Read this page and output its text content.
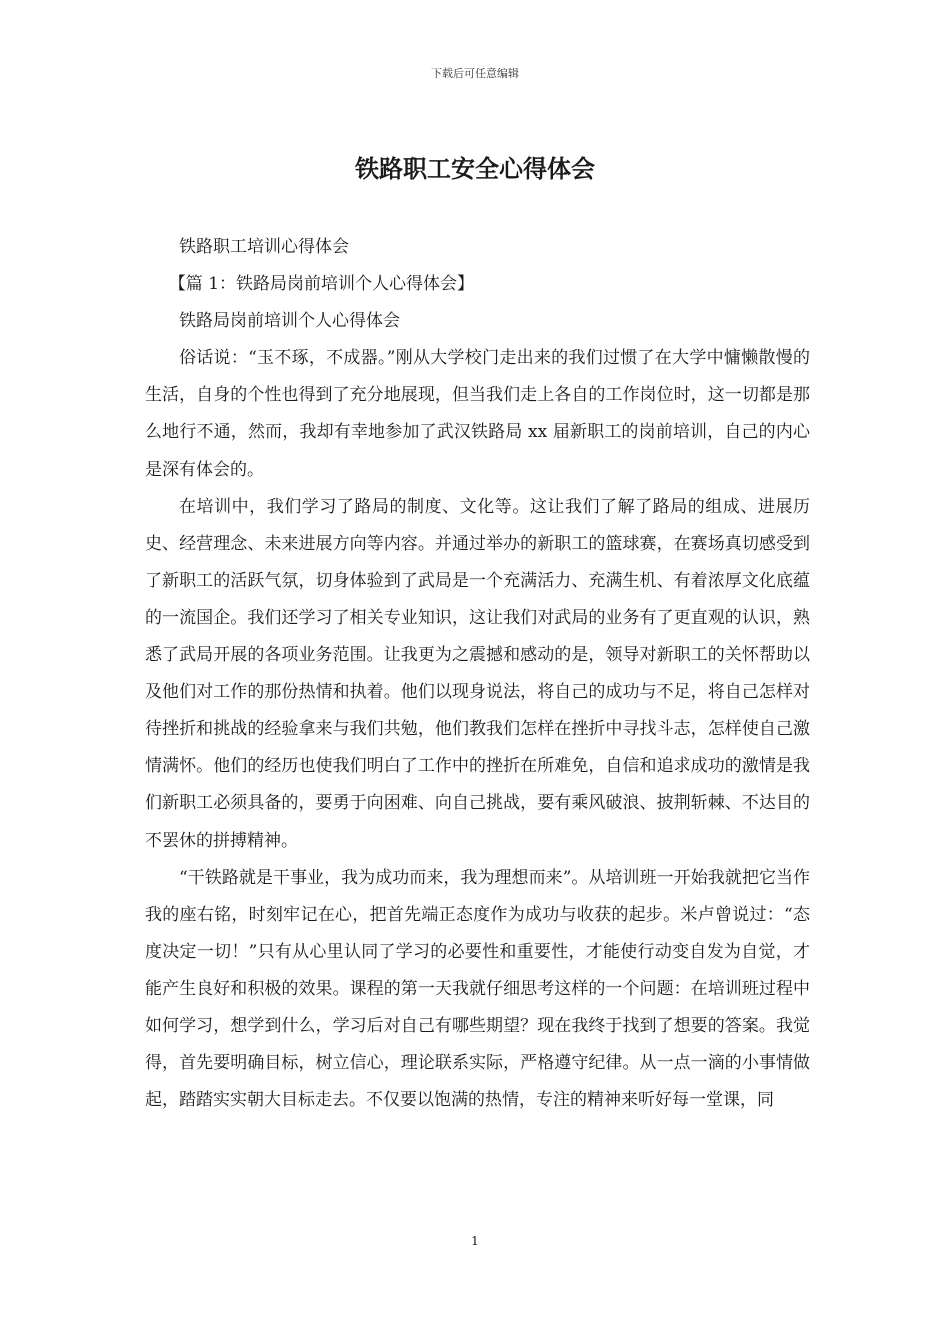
下载后可任意编辑
铁路职工安全心得体会

铁路职工培训心得体会

【篇 1：铁路局岗前培训个人心得体会】

铁路局岗前培训个人心得体会

俗话说：“玉不琢，不成器。”刚从大学校门走出来的我们过惯了在大学中慵懒散慢的生活，自身的个性也得到了充分地展现，但当我们走上各自的工作岗位时，这一切都是那么地行不通，然而，我却有幸地参加了武汉铁路局 xx 届新职工的岗前培训，自己的内心是深有体会的。

在培训中，我们学习了路局的制度、文化等。这让我们了解了路局的组成、进展历史、经营理念、未来进展方向等内容。并通过举办的新职工的篮球赛，在赛场真切感受到了新职工的活跃气氛，切身体验到了武局是一个充满活力、充满生机、有着浓厚文化底蕴的一流国企。我们还学习了相关专业知识，这让我们对武局的业务有了更直观的认识，熟悉了武局开展的各项业务范围。让我更为之震撼和感动的是，领导对新职工的关怀帮助以及他们对工作的那份热情和执着。他们以现身说法，将自己的成功与不足，将自己怎样对待挫折和挑战的经验拿来与我们共勉，他们教我们怎样在挫折中寻找斗志，怎样使自己激情满怀。他们的经历也使我们明白了工作中的挫折在所难免，自信和追求成功的激情是我们新职工必须具备的，要勇于向困难、向自己挑战，要有乘风破浪、披荆斩棘、不达目的不罢休的拼搏精神。

“干铁路就是干事业，我为成功而来，我为理想而来”。从培训班一开始我就把它当作我的座右铭，时刻牢记在心，把首先端正态度作为成功与收获的起步。米卢曾说过：“态度决定一切！”只有从心里认同了学习的必要性和重要性，才能使行动变自发为自觉，才能产生良好和积极的效果。课程的第一天我就仔细思考这样的一个问题：在培训班过程中如何学习，想学到什么，学习后对自己有哪些期望？现在我终于找到了想要的答案。我觉得，首先要明确目标，树立信心，理论联系实际，严格遵守纪律。从一点一滴的小事情做起，踏踏实实朝大目标走去。不仅要以饱满的热情，专注的精神来听好每一堂课，同

1
